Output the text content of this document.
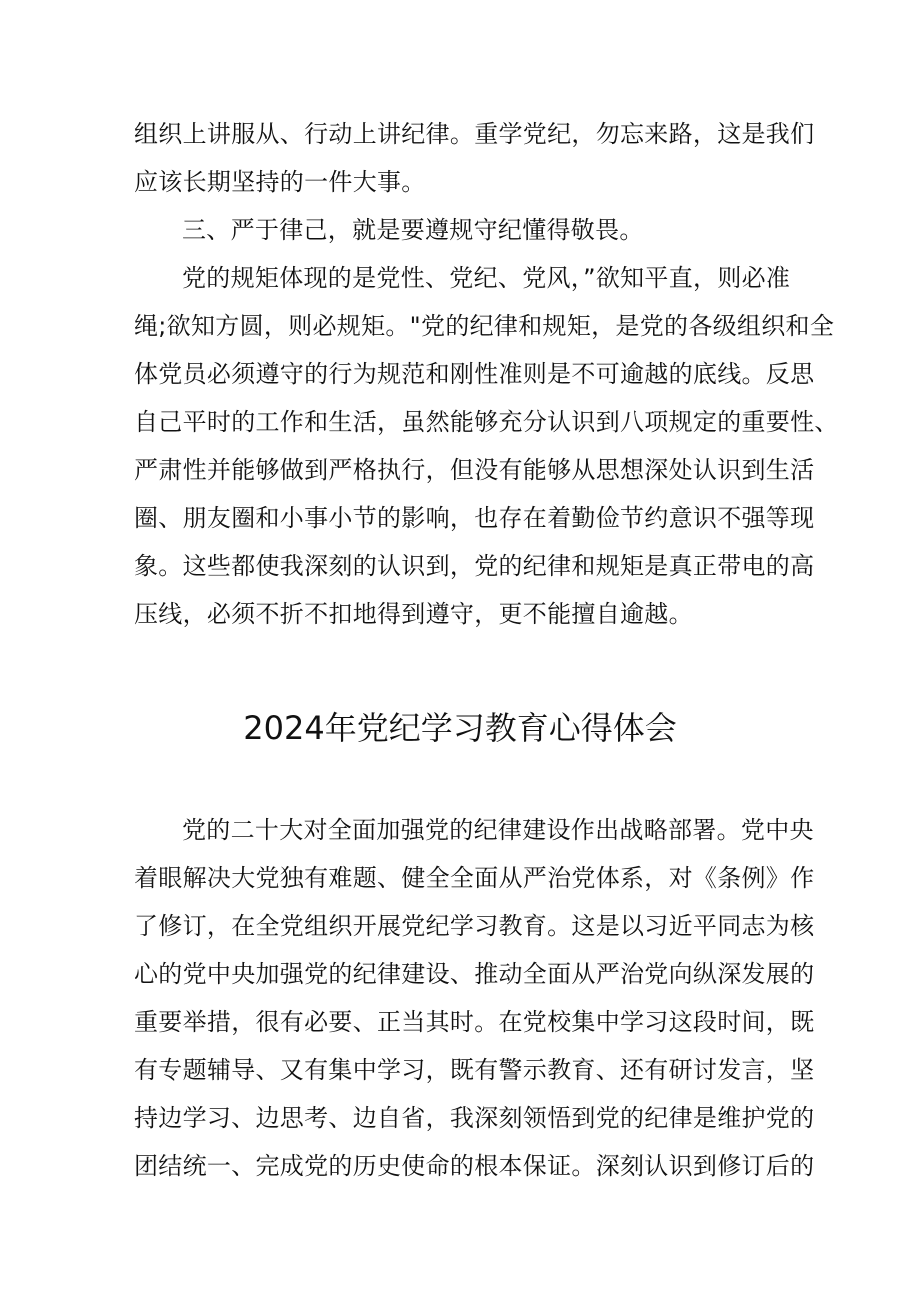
组织上讲服从、行动上讲纪律。重学党纪，勿忘来路，这是我们
应该长期坚持的一件大事。
三、严于律己，就是要遵规守纪懂得敬畏。
党的规矩体现的是党性、党纪、党风，”欲知平直，则必准
绳;欲知方圆，则必规矩。"党的纪律和规矩，是党的各级组织和全
体党员必须遵守的行为规范和刚性准则是不可逾越的底线。反思
自己平时的工作和生活，虽然能够充分认识到八项规定的重要性、
严肃性并能够做到严格执行，但没有能够从思想深处认识到生活
圈、朋友圈和小事小节的影响，也存在着勤俭节约意识不强等现
象。这些都使我深刻的认识到，党的纪律和规矩是真正带电的高
压线，必须不折不扣地得到遵守，更不能擅自逾越。
2024年党纪学习教育心得体会
党的二十大对全面加强党的纪律建设作出战略部署。党中央
着眼解决大党独有难题、健全全面从严治党体系，对《条例》作
了修订，在全党组织开展党纪学习教育。这是以习近平同志为核
心的党中央加强党的纪律建设、推动全面从严治党向纵深发展的
重要举措，很有必要、正当其时。在党校集中学习这段时间，既
有专题辅导、又有集中学习，既有警示教育、还有研讨发言，坚
持边学习、边思考、边自省，我深刻领悟到党的纪律是维护党的
团结统一、完成党的历史使命的根本保证。深刻认识到修订后的
